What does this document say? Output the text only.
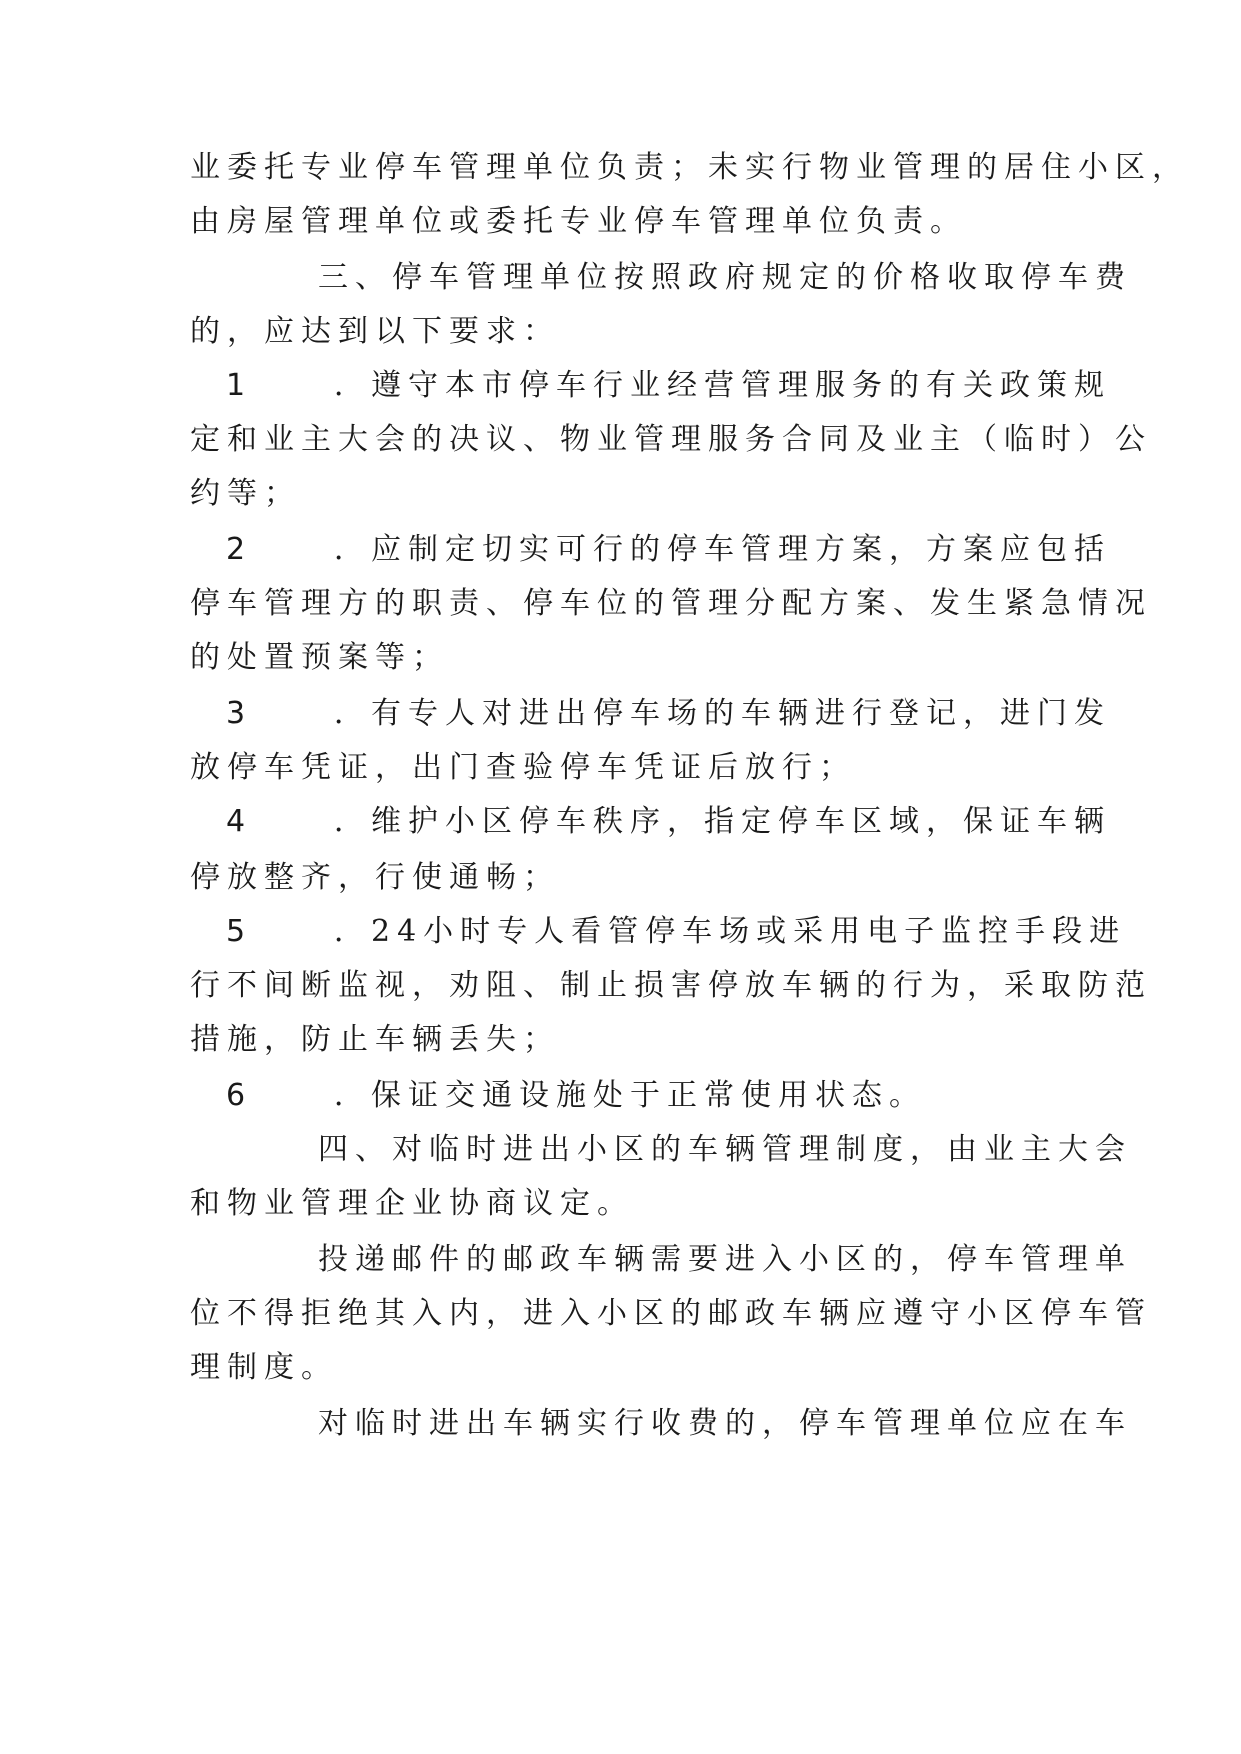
业委托专业停车管理单位负责；未实行物业管理的居住小区，
由房屋管理单位或委托专业停车管理单位负责。
三、停车管理单位按照政府规定的价格收取停车费
的，应达到以下要求：
1	．遵守本市停车行业经营管理服务的有关政策规
定和业主大会的决议、物业管理服务合同及业主（临时）公
约等；
2	．应制定切实可行的停车管理方案，方案应包括
停车管理方的职责、停车位的管理分配方案、发生紧急情况
的处置预案等；
3	．有专人对进出停车场的车辆进行登记，进门发
放停车凭证，出门查验停车凭证后放行；
4	．维护小区停车秩序，指定停车区域，保证车辆
停放整齐，行使通畅；
5	．24小时专人看管停车场或采用电子监控手段进
行不间断监视，劝阻、制止损害停放车辆的行为，采取防范
措施，防止车辆丢失；
6	．保证交通设施处于正常使用状态。
四、对临时进出小区的车辆管理制度，由业主大会
和物业管理企业协商议定。
投递邮件的邮政车辆需要进入小区的，停车管理单
位不得拒绝其入内，进入小区的邮政车辆应遵守小区停车管
理制度。
对临时进出车辆实行收费的，停车管理单位应在车
